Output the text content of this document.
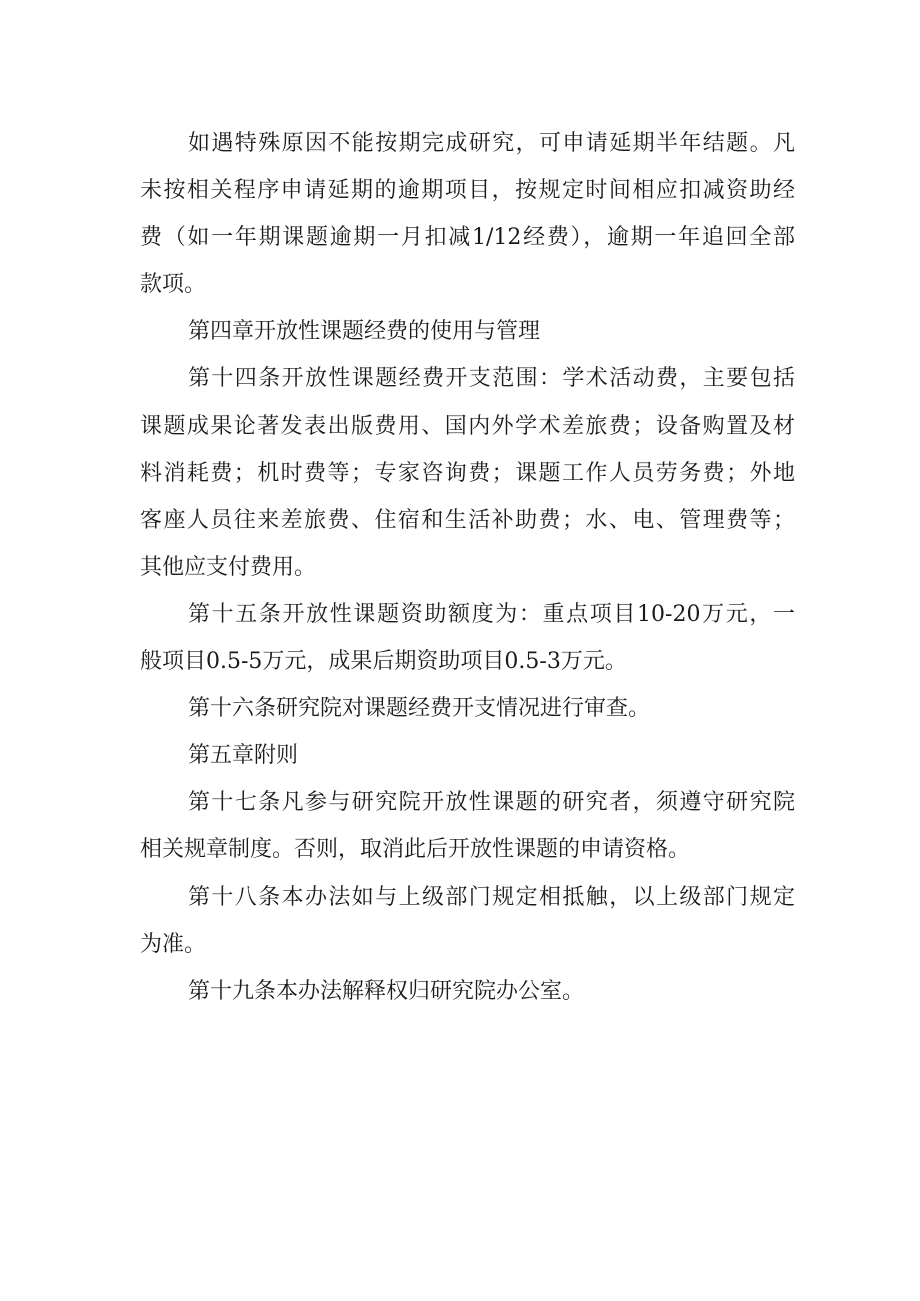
如遇特殊原因不能按期完成研究，可申请延期半年结题。凡
未按相关程序申请延期的逾期项目，按规定时间相应扣减资助经
费（如一年期课题逾期一月扣减1/12经费），逾期一年追回全部
款项。
第四章开放性课题经费的使用与管理
第十四条开放性课题经费开支范围：学术活动费，主要包括
课题成果论著发表出版费用、国内外学术差旅费；设备购置及材
料消耗费；机时费等；专家咨询费；课题工作人员劳务费；外地
客座人员往来差旅费、住宿和生活补助费；水、电、管理费等；
其他应支付费用。
第十五条开放性课题资助额度为：重点项目10-20万元，一
般项目0.5-5万元，成果后期资助项目0.5-3万元。
第十六条研究院对课题经费开支情况进行审查。
第五章附则
第十七条凡参与研究院开放性课题的研究者，须遵守研究院
相关规章制度。否则，取消此后开放性课题的申请资格。
第十八条本办法如与上级部门规定相抵触，以上级部门规定
为准。
第十九条本办法解释权归研究院办公室。
